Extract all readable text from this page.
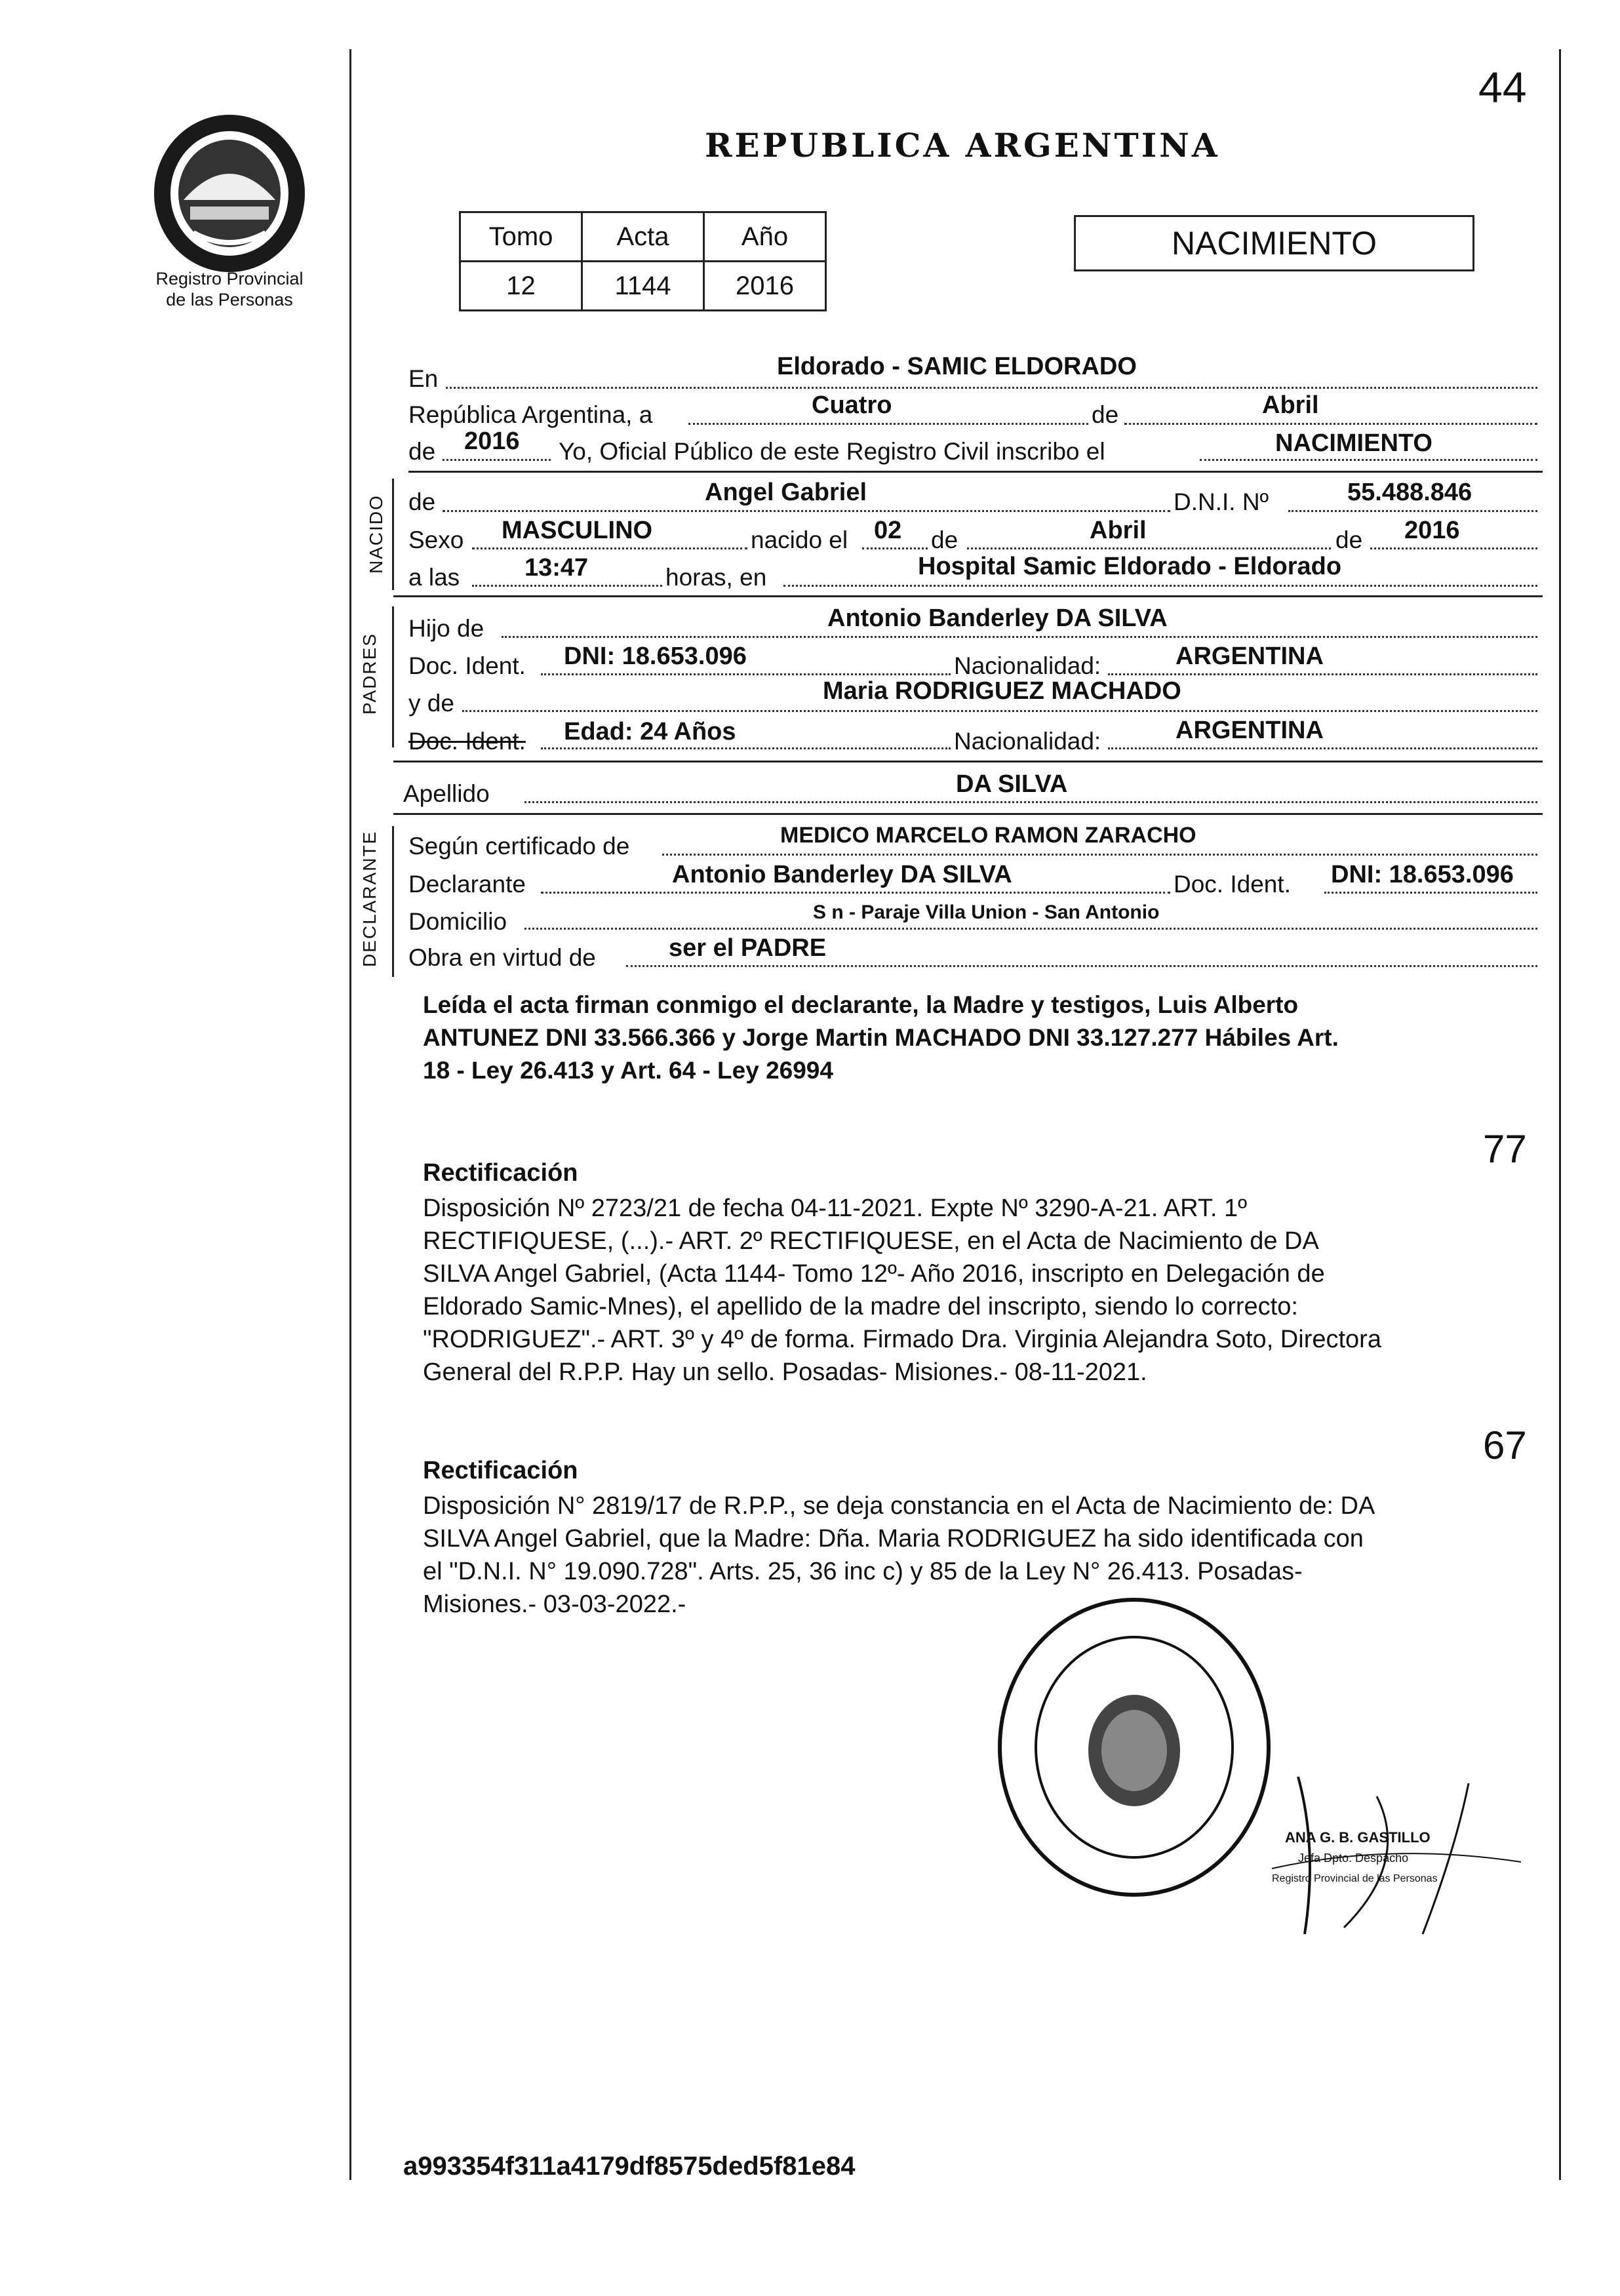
Registro Provincial
de las Personas
44
REPUBLICA ARGENTINA
Tomo	Acta	Año
12	1144	2016
NACIMIENTO
En	Eldorado - SAMIC ELDORADO
República Argentina, a	Cuatro	de	Abril
de 2016 Yo, Oficial Público de este Registro Civil inscribo el	NACIMIENTO
NACIDO de	Angel Gabriel	D.N.I. Nº	55.488.846
Sexo MASCULINO	nacido el 02 de	Abril	de 2016
a las	13:47	horas, en	Hospital Samic Eldorado - Eldorado
PADRES
Hijo de	Antonio Banderley DA SILVA
Doc. Ident. DNI: 18.653.096	Nacionalidad:	ARGENTINA
y de	Maria RODRIGUEZ MACHADO
Doc. Ident. Edad: 24 Años	Nacionalidad:	ARGENTINA
Apellido	DA SILVA
DECLARANTE Según certificado de	MEDICO MARCELO RAMON ZARACHO
Declarante	Antonio Banderley DA SILVA	Doc. Ident. DNI: 18.653.096
Domicilio	S n - Paraje Villa Union - San Antonio
Obra en virtud de	ser el PADRE
Leída el acta firman conmigo el declarante, la Madre y testigos, Luis Alberto
ANTUNEZ DNI 33.566.366 y Jorge Martin MACHADO DNI 33.127.277 Hábiles Art.
18 - Ley 26.413 y Art. 64 - Ley 26994
77
Rectificación
Disposición Nº 2723/21 de fecha 04-11-2021. Expte Nº 3290-A-21. ART. 1º
RECTIFIQUESE, (...).- ART. 2º RECTIFIQUESE, en el Acta de Nacimiento de DA
SILVA Angel Gabriel, (Acta 1144- Tomo 12º- Año 2016, inscripto en Delegación de
Eldorado Samic-Mnes), el apellido de la madre del inscripto, siendo lo correcto:
"RODRIGUEZ".- ART. 3º y 4º de forma. Firmado Dra. Virginia Alejandra Soto, Directora
General del R.P.P. Hay un sello. Posadas- Misiones.- 08-11-2021.
67
Rectificación
Disposición N° 2819/17 de R.P.P., se deja constancia en el Acta de Nacimiento de: DA
SILVA Angel Gabriel, que la Madre: Dña. Maria RODRIGUEZ ha sido identificada con
el "D.N.I. N° 19.090.728". Arts. 25, 36 inc c) y 85 de la Ley N° 26.413. Posadas-
Misiones.- 03-03-2022.-
ANA G. B. GASTILLO
Jefa Dpto. Despacho
Registro Provincial de las Personas
a993354f311a4179df8575ded5f81e84
